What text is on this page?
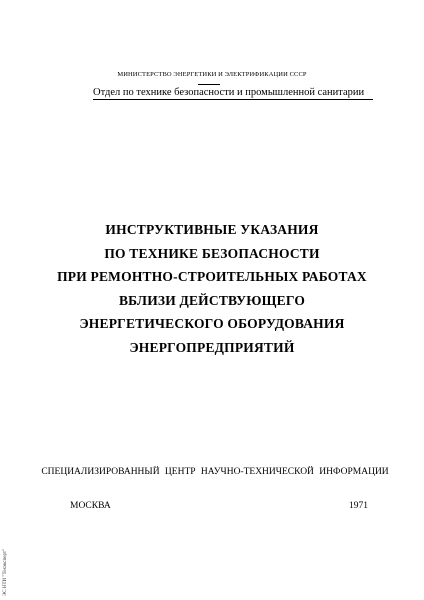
МИНИСТЕРСТВО ЭНЕРГЕТИКИ И ЭЛЕКТРИФИКАЦИИ СССР
Отдел по технике безопасности и промышленной санитарии
ИНСТРУКТИВНЫЕ УКАЗАНИЯ
ПО ТЕХНИКЕ БЕЗОПАСНОСТИ
ПРИ РЕМОНТНО-СТРОИТЕЛЬНЫХ РАБОТАХ
ВБЛИЗИ ДЕЙСТВУЮЩЕГО
ЭНЕРГЕТИЧЕСКОГО ОБОРУДОВАНИЯ
ЭНЕРГОПРЕДПРИЯТИЙ
СПЕЦИАЛИЗИРОВАННЫЙ ЦЕНТР НАУЧНО-ТЕХНИЧЕСКОЙ ИНФОРМАЦИИ
МОСКВА	1971
ЭС НТИ "Техэксперт"
